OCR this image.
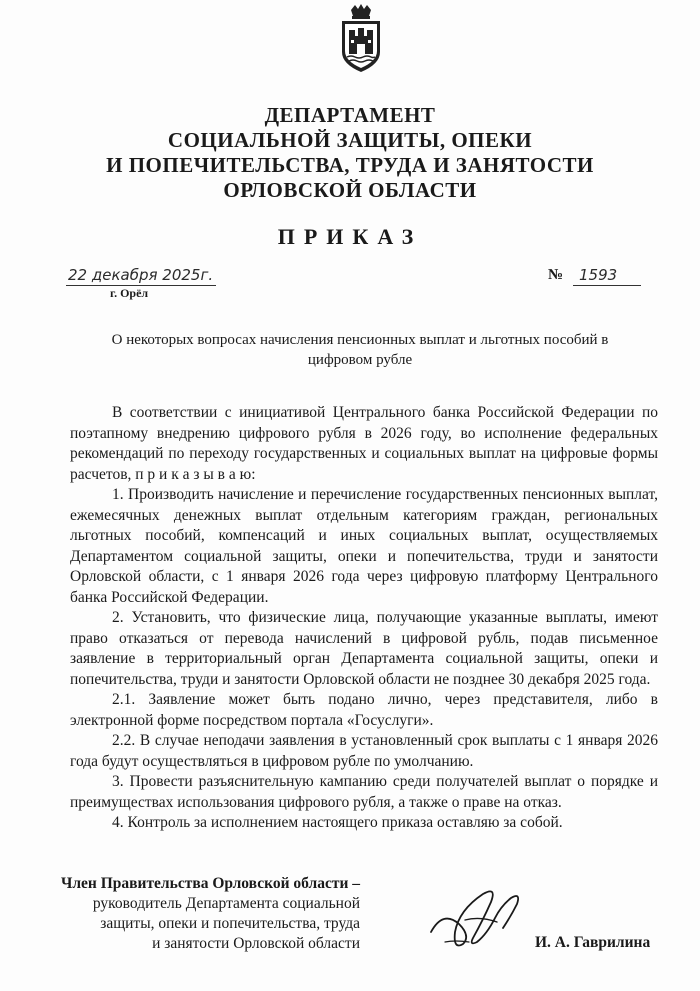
ДЕПАРТАМЕНТ
СОЦИАЛЬНОЙ ЗАЩИТЫ, ОПЕКИ
И ПОПЕЧИТЕЛЬСТВА, ТРУДА И ЗАНЯТОСТИ
ОРЛОВСКОЙ ОБЛАСТИ
ПРИКАЗ
22 декабря 2025г.
г. Орёл
№ 1593
О некоторых вопросах начисления пенсионных выплат и льготных пособий в
цифровом рубле

В соответствии с инициативой Центрального банка Российской Федерации по поэтапному внедрению цифрового рубля в 2026 году, во исполнение федеральных рекомендаций по переходу государственных и социальных выплат на цифровые формы расчетов, п р и к а з ы в а ю:

1. Производить начисление и перечисление государственных пенсионных выплат, ежемесячных денежных выплат отдельным категориям граждан, региональных льготных пособий, компенсаций и иных социальных выплат, осуществляемых Департаментом социальной защиты, опеки и попечительства, труди и занятости Орловской области, с 1 января 2026 года через цифровую платформу Центрального банка Российской Федерации.

2. Установить, что физические лица, получающие указанные выплаты, имеют право отказаться от перевода начислений в цифровой рубль, подав письменное заявление в территориальный орган Департамента социальной защиты, опеки и попечительства, труди и занятости Орловской области не позднее 30 декабря 2025 года.

2.1. Заявление может быть подано лично, через представителя, либо в электронной форме посредством портала «Госуслуги».

2.2. В случае неподачи заявления в установленный срок выплаты с 1 января 2026 года будут осуществляться в цифровом рубле по умолчанию.

3. Провести разъяснительную кампанию среди получателей выплат о порядке и преимуществах использования цифрового рубля, а также о праве на отказ.

4. Контроль за исполнением настоящего приказа оставляю за собой.

Член Правительства Орловской области –
руководитель Департамента социальной
защиты, опеки и попечительства, труда
и занятости Орловской области	И. А. Гаврилина
